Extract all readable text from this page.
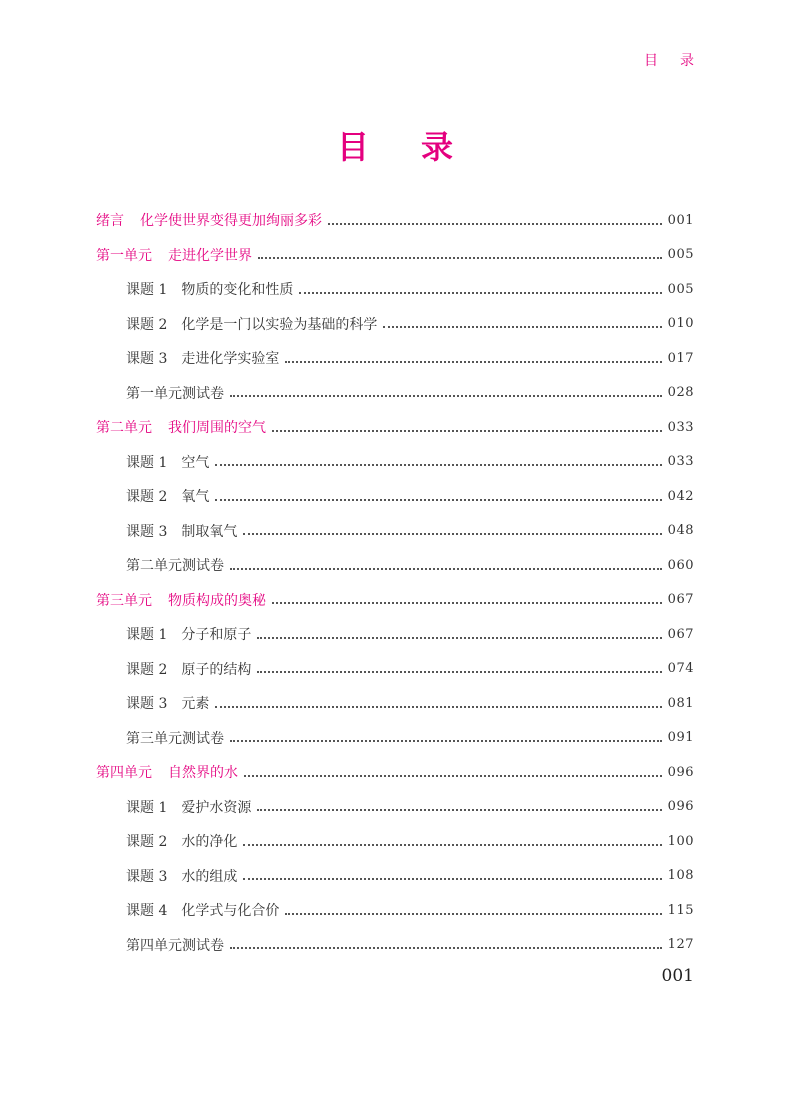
目录
目录
绪言 化学使世界变得更加绚丽多彩	001
第一单元 走进化学世界	005
课题 1 物质的变化和性质	005
课题 2 化学是一门以实验为基础的科学	010
课题 3 走进化学实验室	017
第一单元测试卷	028
第二单元 我们周围的空气	033
课题 1 空气	033
课题 2 氧气	042
课题 3 制取氧气	048
第二单元测试卷	060
第三单元 物质构成的奥秘	067
课题 1 分子和原子	067
课题 2 原子的结构	074
课题 3 元素	081
第三单元测试卷	091
第四单元 自然界的水	096
课题 1 爱护水资源	096
课题 2 水的净化	100
课题 3 水的组成	108
课题 4 化学式与化合价	115
第四单元测试卷	127
001
